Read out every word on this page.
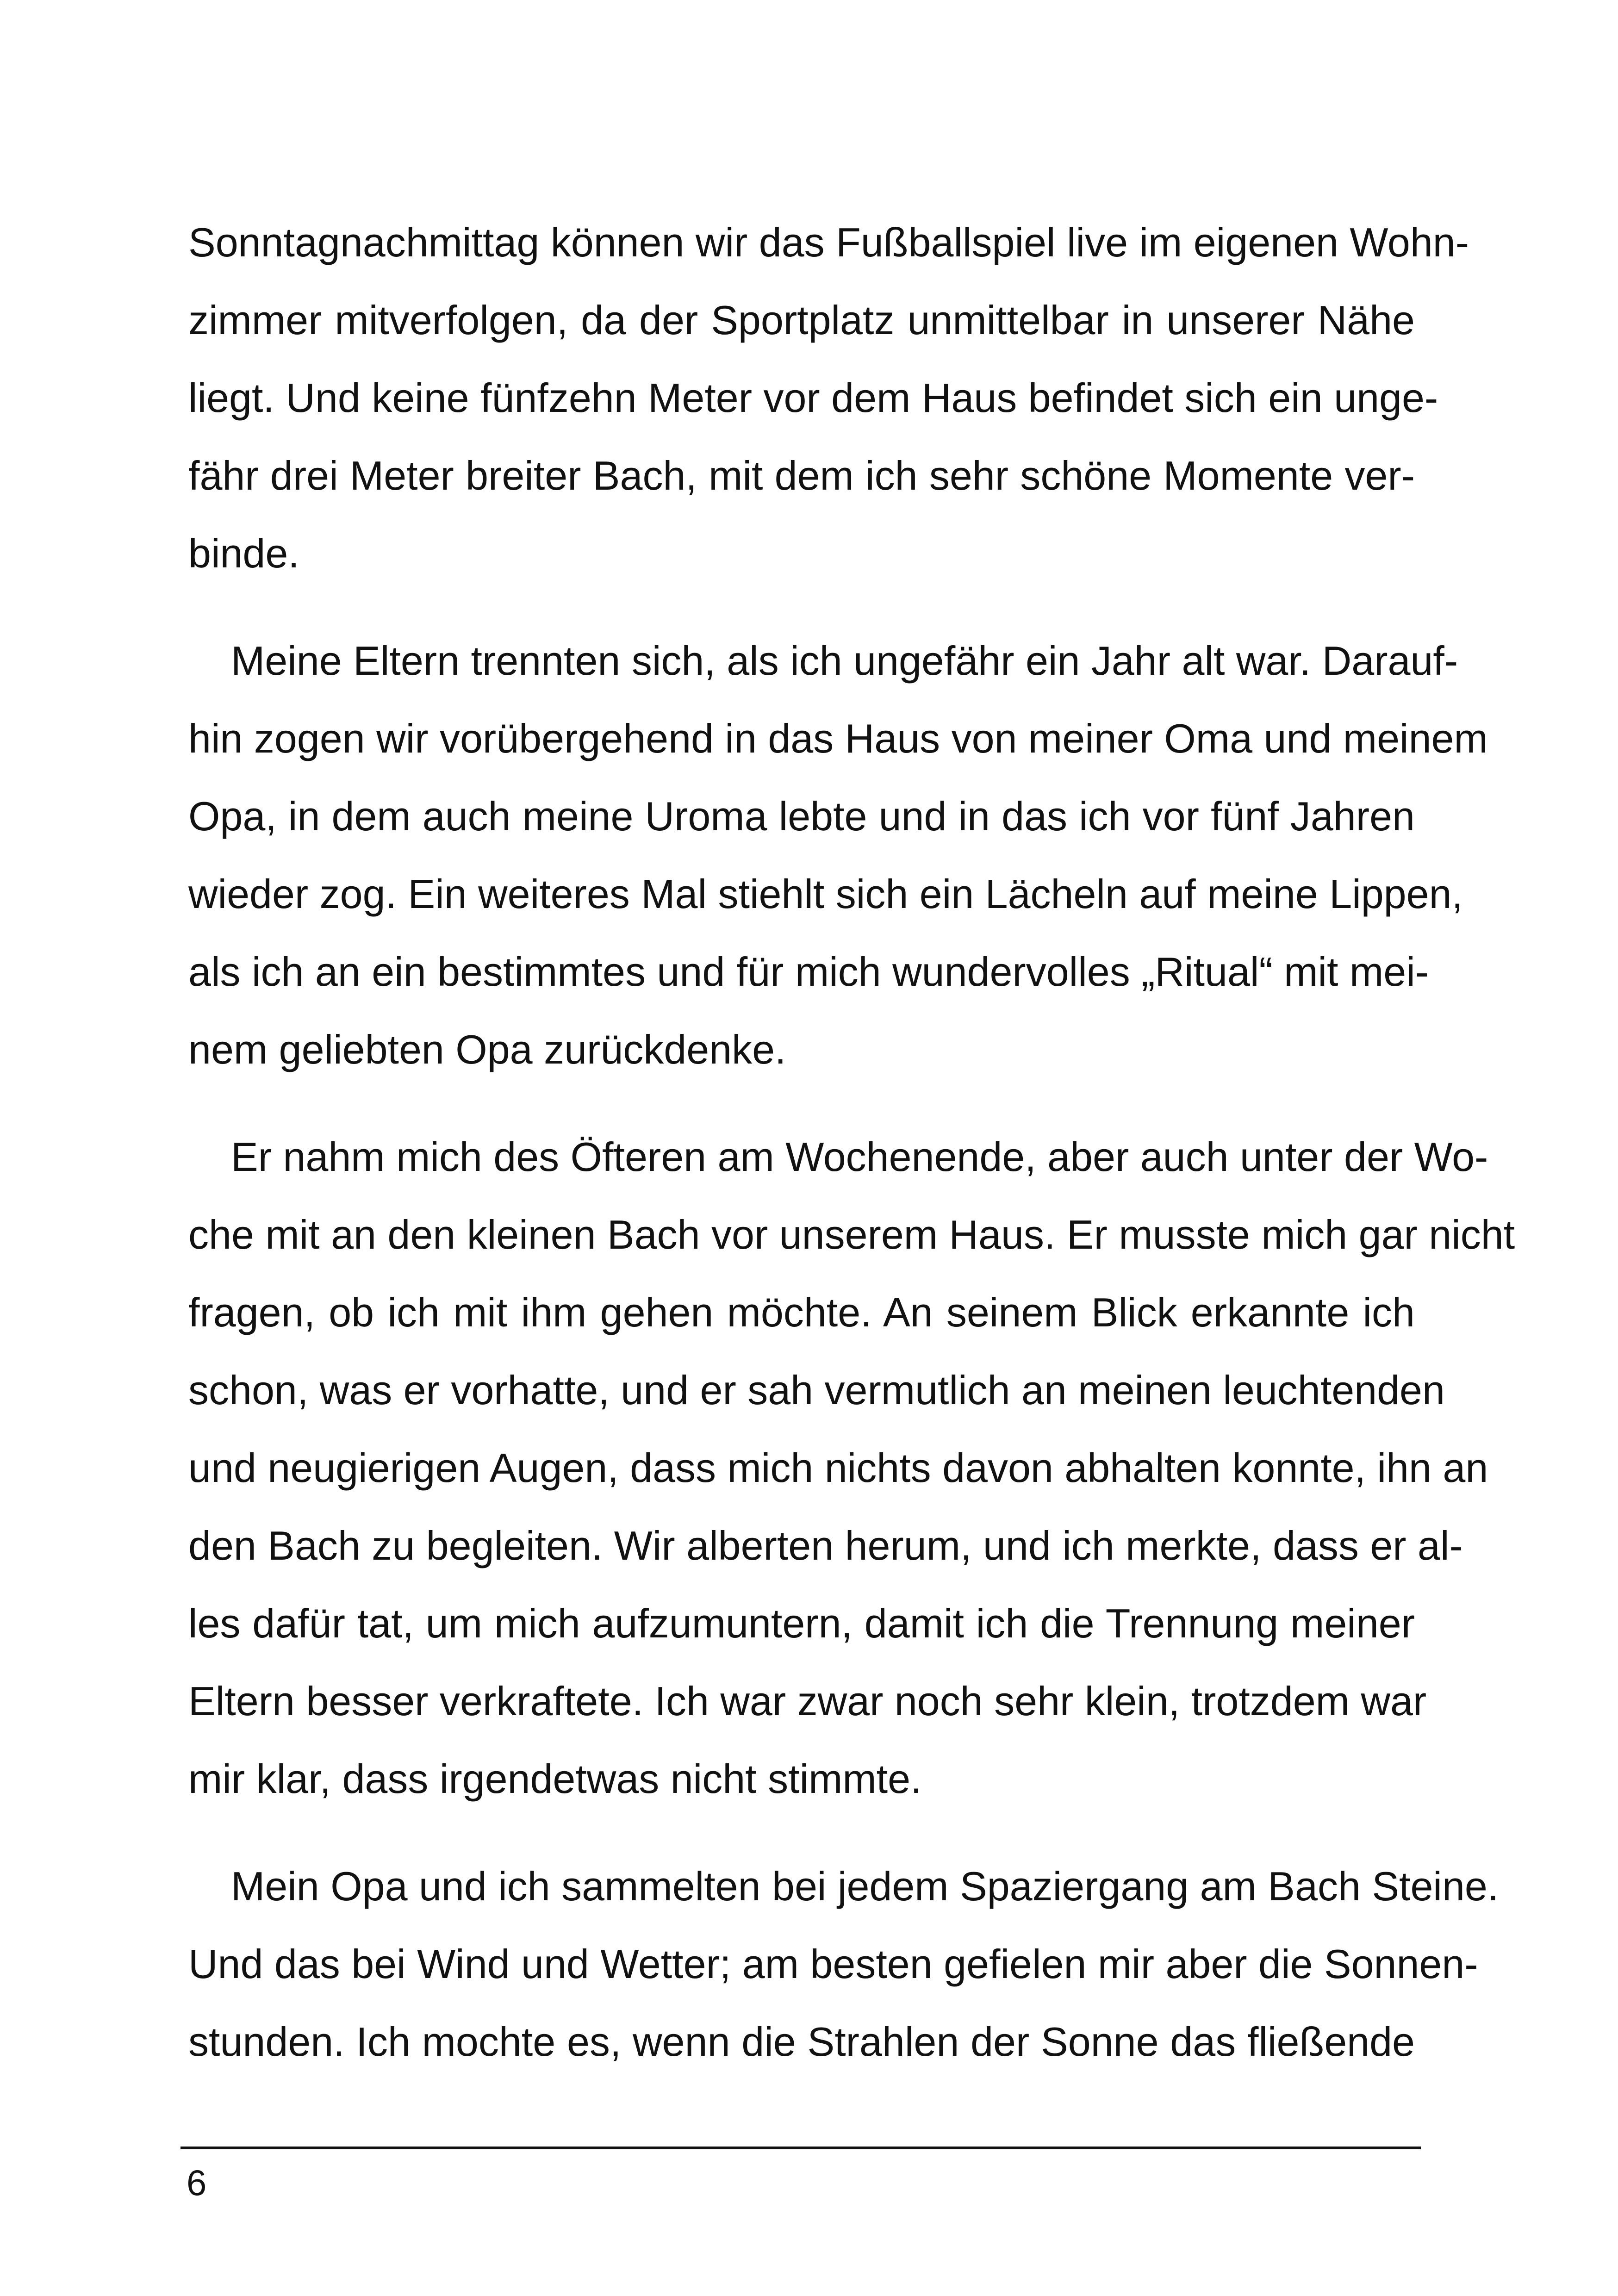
Sonntagnachmittag können wir das Fußballspiel live im eigenen Wohn-
zimmer mitverfolgen, da der Sportplatz unmittelbar in unserer Nähe
liegt. Und keine fünfzehn Meter vor dem Haus befindet sich ein unge-
fähr drei Meter breiter Bach, mit dem ich sehr schöne Momente ver-
binde.

Meine Eltern trennten sich, als ich ungefähr ein Jahr alt war. Darauf-
hin zogen wir vorübergehend in das Haus von meiner Oma und meinem
Opa, in dem auch meine Uroma lebte und in das ich vor fünf Jahren
wieder zog. Ein weiteres Mal stiehlt sich ein Lächeln auf meine Lippen,
als ich an ein bestimmtes und für mich wundervolles „Ritual“ mit mei-
nem geliebten Opa zurückdenke.

Er nahm mich des Öfteren am Wochenende, aber auch unter der Wo-
che mit an den kleinen Bach vor unserem Haus. Er musste mich gar nicht
fragen, ob ich mit ihm gehen möchte. An seinem Blick erkannte ich
schon, was er vorhatte, und er sah vermutlich an meinen leuchtenden
und neugierigen Augen, dass mich nichts davon abhalten konnte, ihn an
den Bach zu begleiten. Wir alberten herum, und ich merkte, dass er al-
les dafür tat, um mich aufzumuntern, damit ich die Trennung meiner
Eltern besser verkraftete. Ich war zwar noch sehr klein, trotzdem war
mir klar, dass irgendetwas nicht stimmte.

Mein Opa und ich sammelten bei jedem Spaziergang am Bach Steine.
Und das bei Wind und Wetter; am besten gefielen mir aber die Sonnen-
stunden. Ich mochte es, wenn die Strahlen der Sonne das fließende

6
